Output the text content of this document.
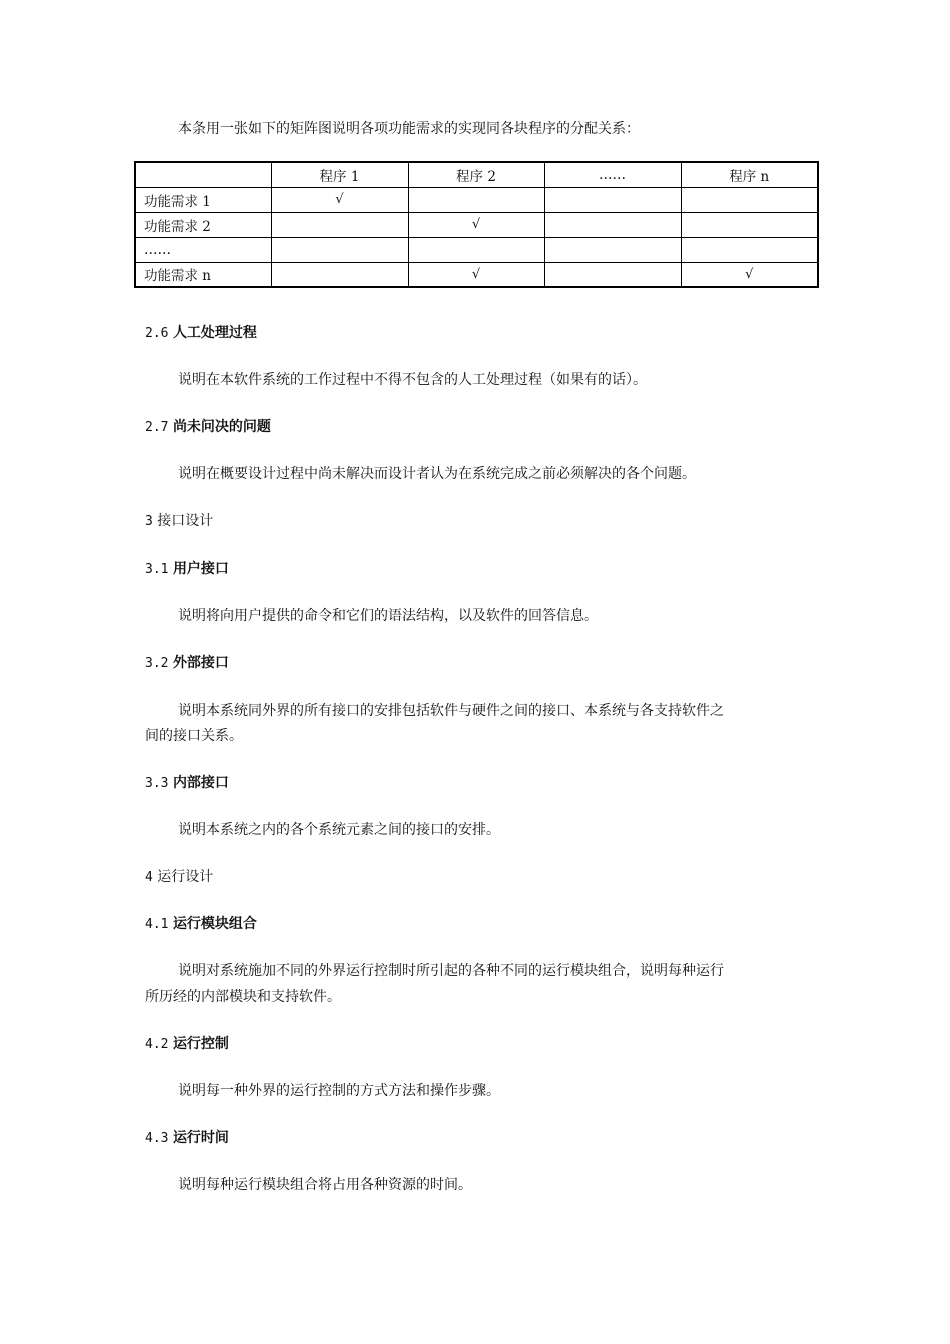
本条用一张如下的矩阵图说明各项功能需求的实现同各块程序的分配关系：
	程序 1	程序 2	……	程序 n
功能需求 1	√			
功能需求 2		√		
……				
功能需求 n		√		√
2.6 人工处理过程
说明在本软件系统的工作过程中不得不包含的人工处理过程（如果有的话）。
2.7 尚未问决的问题
说明在概要设计过程中尚未解决而设计者认为在系统完成之前必须解决的各个问题。
3 接口设计
3.1 用户接口
说明将向用户提供的命令和它们的语法结构，以及软件的回答信息。
3.2 外部接口
说明本系统同外界的所有接口的安排包括软件与硬件之间的接口、本系统与各支持软件之
间的接口关系。
3.3 内部接口
说明本系统之内的各个系统元素之间的接口的安排。
4 运行设计
4.1 运行模块组合
说明对系统施加不同的外界运行控制时所引起的各种不同的运行模块组合，说明每种运行
所历经的内部模块和支持软件。
4.2 运行控制
说明每一种外界的运行控制的方式方法和操作步骤。
4.3 运行时间
说明每种运行模块组合将占用各种资源的时间。
